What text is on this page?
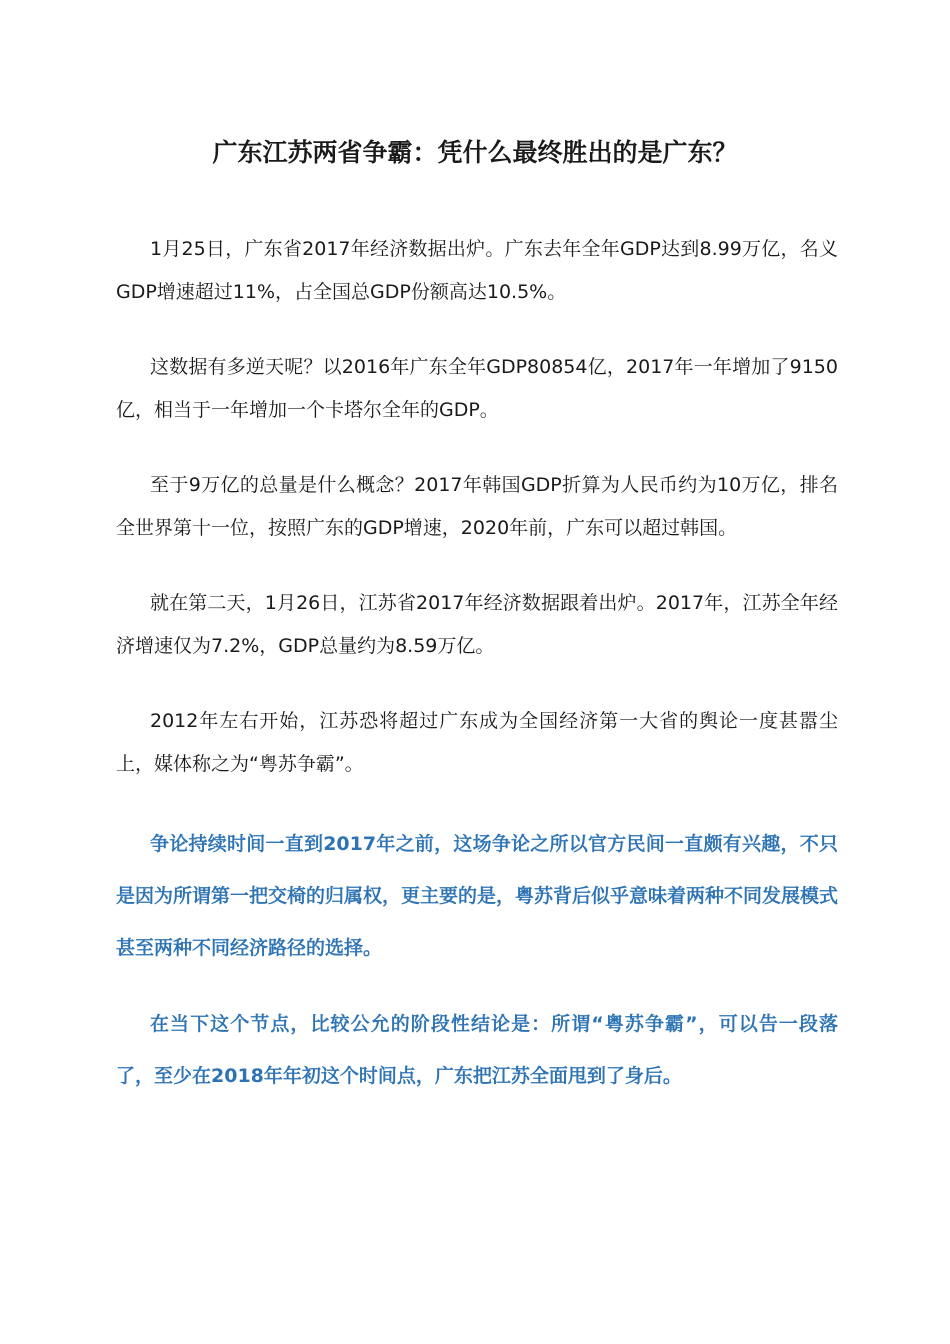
广东江苏两省争霸：凭什么最终胜出的是广东？

1月25日，广东省2017年经济数据出炉。广东去年全年GDP达到8.99万亿，名义GDP增速超过11%，占全国总GDP份额高达10.5%。

这数据有多逆天呢？以2016年广东全年GDP80854亿，2017年一年增加了9150亿，相当于一年增加一个卡塔尔全年的GDP。

至于9万亿的总量是什么概念？2017年韩国GDP折算为人民币约为10万亿，排名全世界第十一位，按照广东的GDP增速，2020年前，广东可以超过韩国。

就在第二天，1月26日，江苏省2017年经济数据跟着出炉。2017年，江苏全年经济增速仅为7.2%，GDP总量约为8.59万亿。

2012年左右开始，江苏恐将超过广东成为全国经济第一大省的舆论一度甚嚣尘上，媒体称之为“粤苏争霸”。

争论持续时间一直到2017年之前，这场争论之所以官方民间一直颇有兴趣，不只是因为所谓第一把交椅的归属权，更主要的是，粤苏背后似乎意味着两种不同发展模式甚至两种不同经济路径的选择。

在当下这个节点，比较公允的阶段性结论是：所谓“粤苏争霸”，可以告一段落了，至少在2018年年初这个时间点，广东把江苏全面甩到了身后。
